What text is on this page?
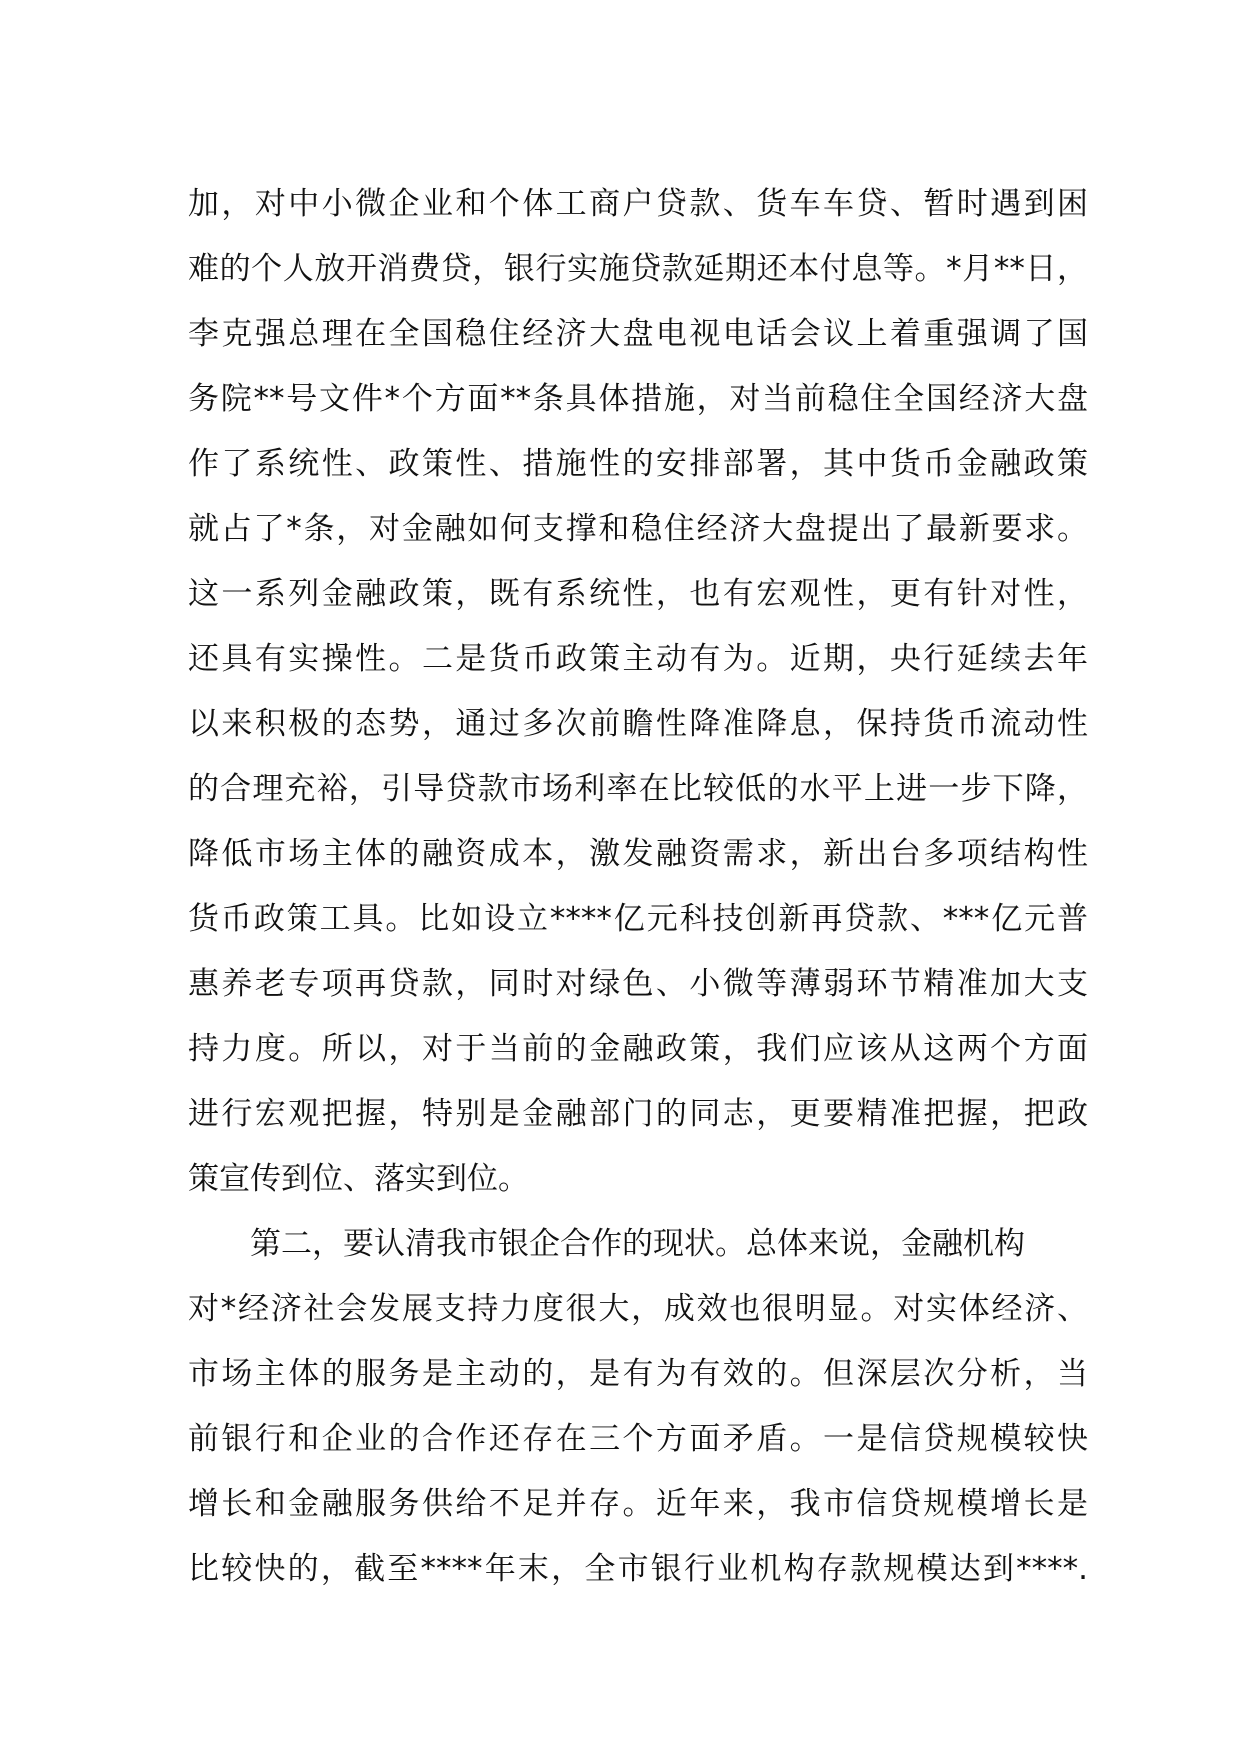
加，对中小微企业和个体工商户贷款、货车车贷、暂时遇到困
难的个人放开消费贷，银行实施贷款延期还本付息等。*月**日，
李克强总理在全国稳住经济大盘电视电话会议上着重强调了国
务院**号文件*个方面**条具体措施，对当前稳住全国经济大盘
作了系统性、政策性、措施性的安排部署，其中货币金融政策
就占了*条，对金融如何支撑和稳住经济大盘提出了最新要求。
这一系列金融政策，既有系统性，也有宏观性，更有针对性，
还具有实操性。二是货币政策主动有为。近期，央行延续去年
以来积极的态势，通过多次前瞻性降准降息，保持货币流动性
的合理充裕，引导贷款市场利率在比较低的水平上进一步下降，
降低市场主体的融资成本，激发融资需求，新出台多项结构性
货币政策工具。比如设立****亿元科技创新再贷款、***亿元普
惠养老专项再贷款，同时对绿色、小微等薄弱环节精准加大支
持力度。所以，对于当前的金融政策，我们应该从这两个方面
进行宏观把握，特别是金融部门的同志，更要精准把握，把政
策宣传到位、落实到位。
第二，要认清我市银企合作的现状。总体来说，金融机构
对*经济社会发展支持力度很大，成效也很明显。对实体经济、
市场主体的服务是主动的，是有为有效的。但深层次分析，当
前银行和企业的合作还存在三个方面矛盾。一是信贷规模较快
增长和金融服务供给不足并存。近年来，我市信贷规模增长是
比较快的，截至****年末，全市银行业机构存款规模达到****.
